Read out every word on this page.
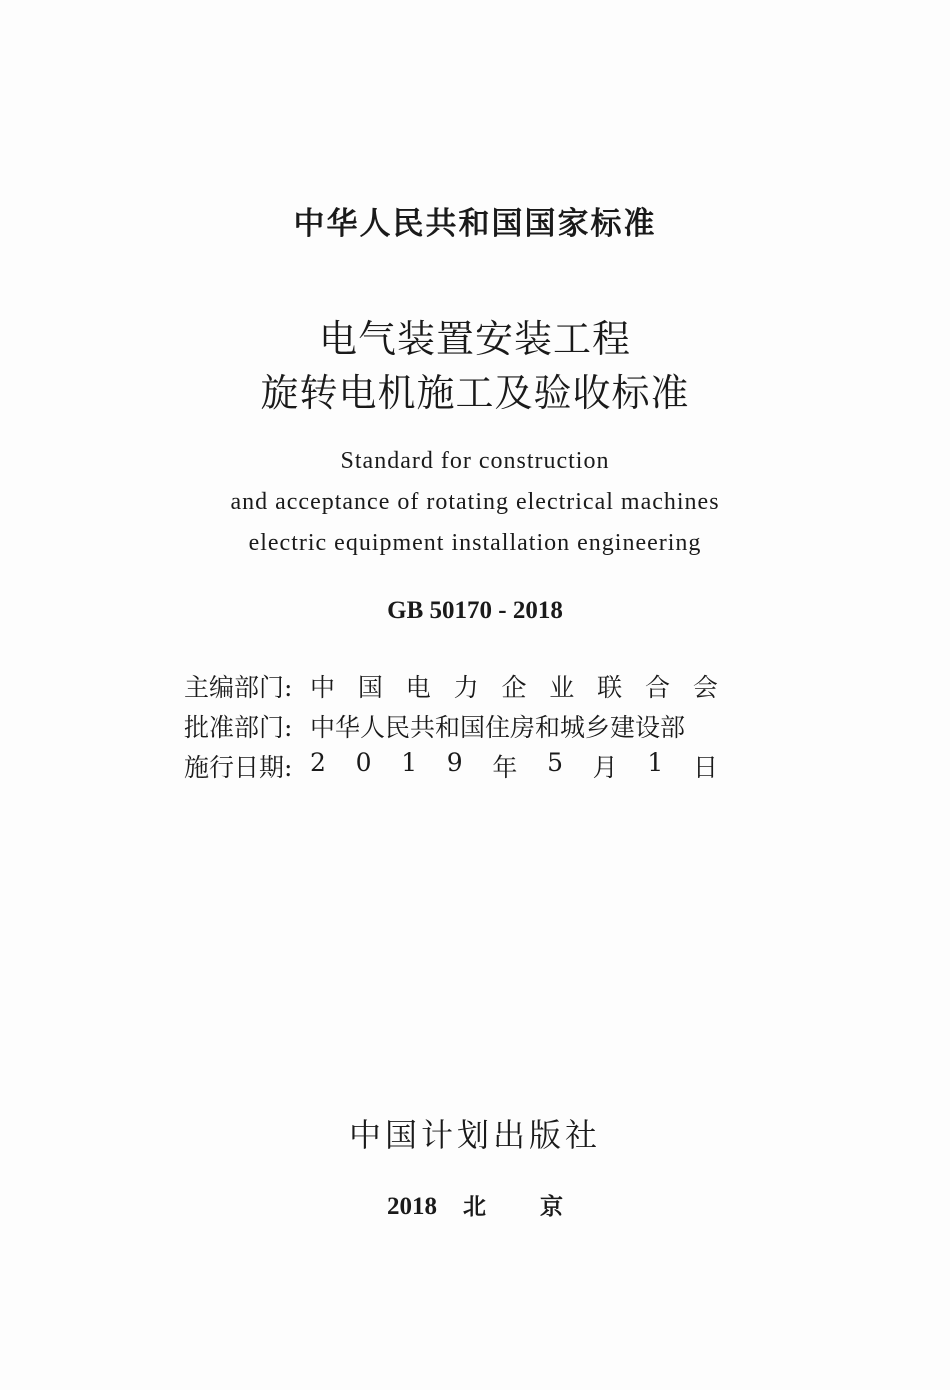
中华人民共和国国家标准
电气装置安装工程
旋转电机施工及验收标准
Standard for construction
and acceptance of rotating electrical machines
electric equipment installation engineering
GB 50170 - 2018
主编部门: 中 国 电 力 企 业 联 合 会
批准部门: 中华人民共和国住房和城乡建设部
施行日期: 2 0 1 9 年 5 月 1 日
中国计划出版社
2018 北 京
